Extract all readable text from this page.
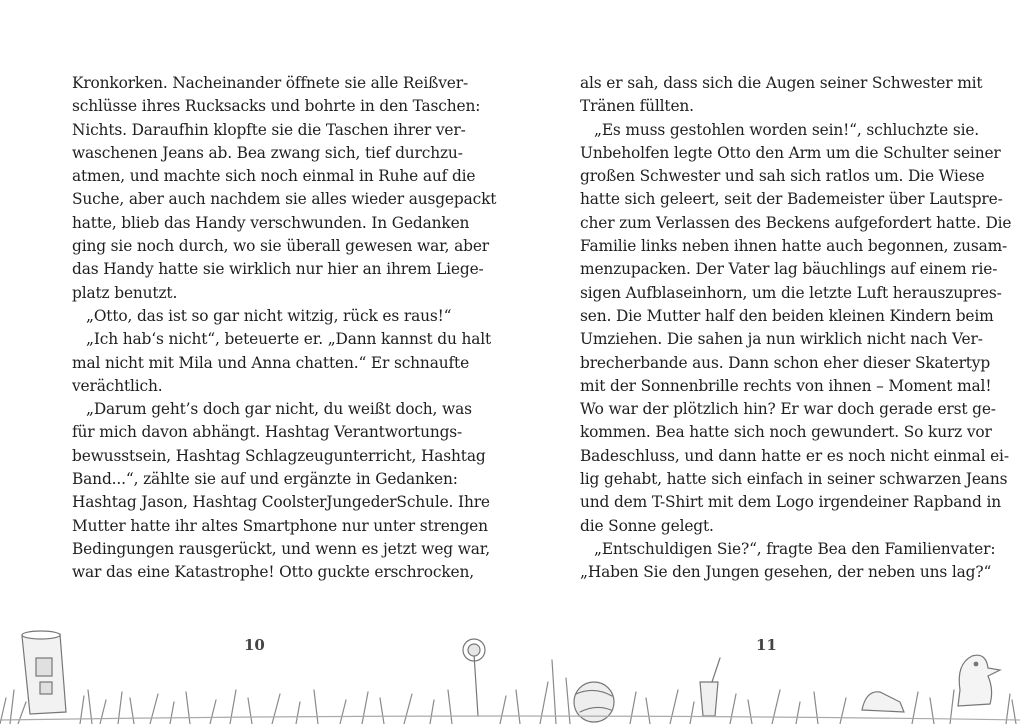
Kronkorken. Nacheinander öffnete sie alle Reißver-
schlüsse ihres Rucksacks und bohrte in den Taschen:
Nichts. Daraufhin klopfte sie die Taschen ihrer ver-
waschenen Jeans ab. Bea zwang sich, tief durchzu-
atmen, und machte sich noch einmal in Ruhe auf die
Suche, aber auch nachdem sie alles wieder ausgepackt
hatte, blieb das Handy verschwunden. In Gedanken
ging sie noch durch, wo sie überall gewesen war, aber
das Handy hatte sie wirklich nur hier an ihrem Liege-
platz benutzt.
„Otto, das ist so gar nicht witzig, rück es raus!“
„Ich hab‘s nicht“, beteuerte er. „Dann kannst du halt
mal nicht mit Mila und Anna chatten.“ Er schnaufte
verächtlich.
„Darum geht’s doch gar nicht, du weißt doch, was
für mich davon abhängt. Hashtag Verantwortungs-
bewusstsein, Hashtag Schlagzeugunterricht, Hashtag
Band...“, zählte sie auf und ergänzte in Gedanken:
Hashtag Jason, Hashtag CoolsterJungederSchule. Ihre
Mutter hatte ihr altes Smartphone nur unter strengen
Bedingungen rausgerückt, und wenn es jetzt weg war,
war das eine Katastrophe! Otto guckte erschrocken,
als er sah, dass sich die Augen seiner Schwester mit
Tränen füllten.
„Es muss gestohlen worden sein!“, schluchzte sie.
Unbeholfen legte Otto den Arm um die Schulter seiner
großen Schwester und sah sich ratlos um. Die Wiese
hatte sich geleert, seit der Bademeister über Lautspre-
cher zum Verlassen des Beckens aufgefordert hatte. Die
Familie links neben ihnen hatte auch begonnen, zusam-
menzupacken. Der Vater lag bäuchlings auf einem rie-
sigen Aufblaseinhorn, um die letzte Luft herauszupres-
sen. Die Mutter half den beiden kleinen Kindern beim
Umziehen. Die sahen ja nun wirklich nicht nach Ver-
brecherbande aus. Dann schon eher dieser Skatertyp
mit der Sonnenbrille rechts von ihnen – Moment mal!
Wo war der plötzlich hin? Er war doch gerade erst ge-
kommen. Bea hatte sich noch gewundert. So kurz vor
Badeschluss, und dann hatte er es noch nicht einmal ei-
lig gehabt, hatte sich einfach in seiner schwarzen Jeans
und dem T-Shirt mit dem Logo irgendeiner Rapband in
die Sonne gelegt.
„Entschuldigen Sie?“, fragte Bea den Familienvater:
„Haben Sie den Jungen gesehen, der neben uns lag?“
10	11
